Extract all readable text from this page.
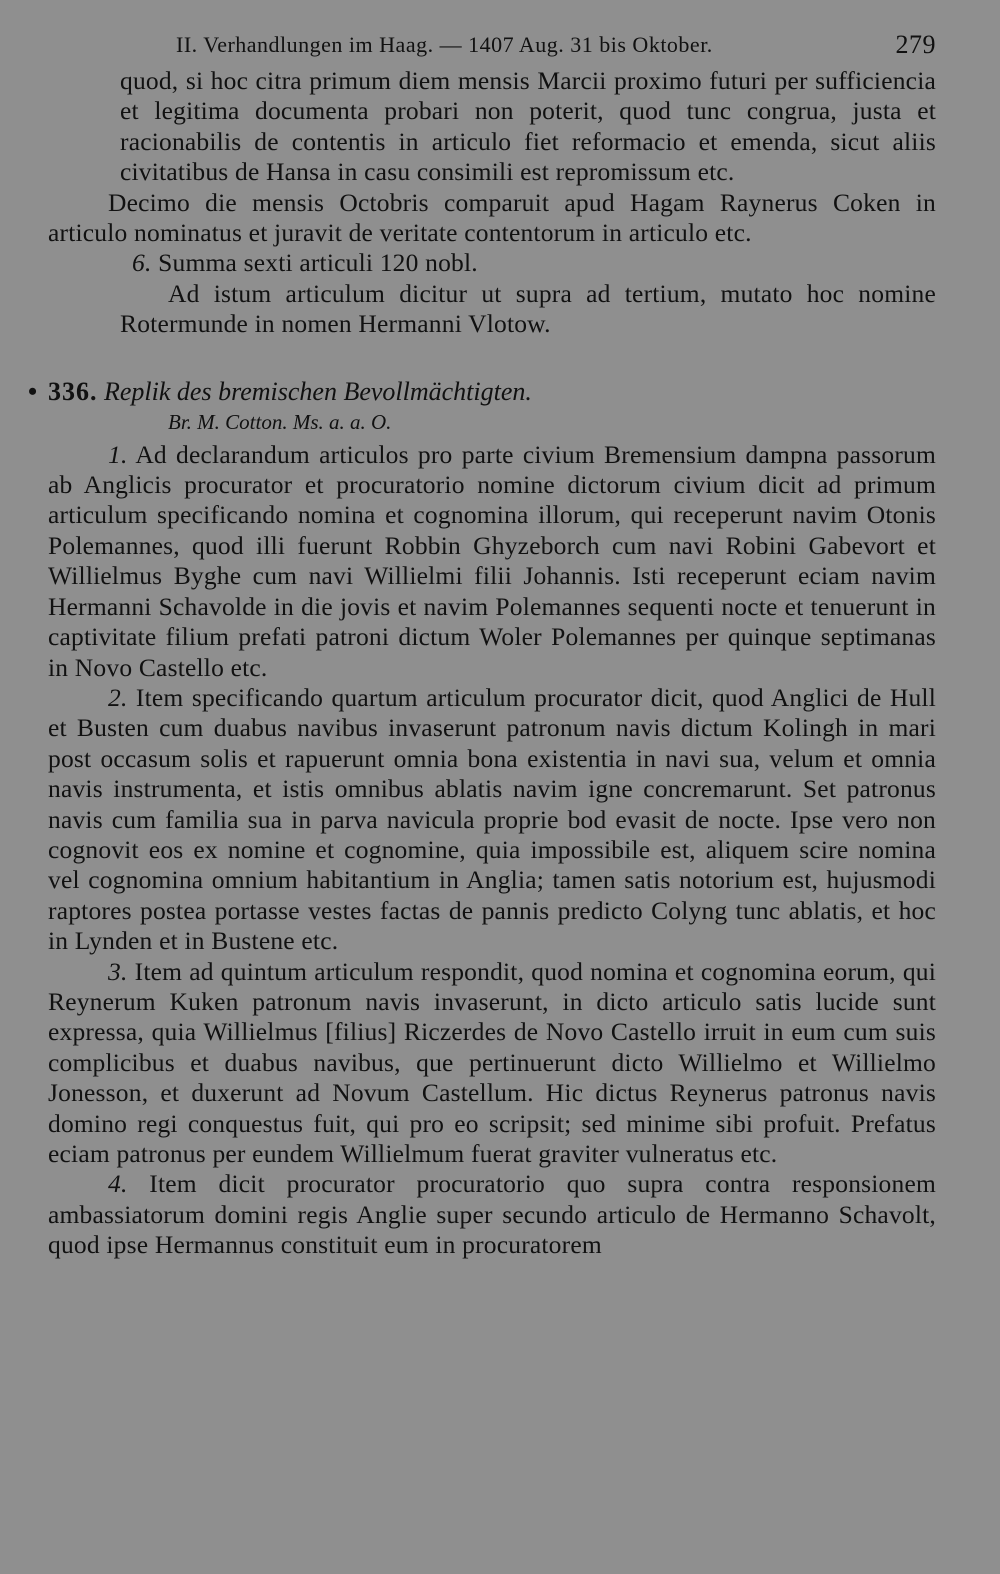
II. Verhandlungen im Haag. — 1407 Aug. 31 bis Oktober.	279

quod, si hoc citra primum diem mensis Marcii proximo futuri per sufficiencia et legitima documenta probari non poterit, quod tunc congrua, justa et racionabilis de contentis in articulo fiet reformacio et emenda, sicut aliis civitatibus de Hansa in casu consimili est repromissum etc.

Decimo die mensis Octobris comparuit apud Hagam Raynerus Coken in articulo nominatus et juravit de veritate contentorum in articulo etc.

6. Summa sexti articuli 120 nobl.

Ad istum articulum dicitur ut supra ad tertium, mutato hoc nomine Rotermunde in nomen Hermanni Vlotow.

• 336. Replik des bremischen Bevollmächtigten.
Br. M. Cotton. Ms. a. a. O.

1. Ad declarandum articulos pro parte civium Bremensium dampna passorum ab Anglicis procurator et procuratorio nomine dictorum civium dicit ad primum articulum specificando nomina et cognomina illorum, qui receperunt navim Otonis Polemannes, quod illi fuerunt Robbin Ghyzeborch cum navi Robini Gabevort et Willielmus Byghe cum navi Willielmi filii Johannis. Isti receperunt eciam navim Hermanni Schavolde in die jovis et navim Polemannes sequenti nocte et tenuerunt in captivitate filium prefati patroni dictum Woler Polemannes per quinque septimanas in Novo Castello etc.

2. Item specificando quartum articulum procurator dicit, quod Anglici de Hull et Busten cum duabus navibus invaserunt patronum navis dictum Kolingh in mari post occasum solis et rapuerunt omnia bona existentia in navi sua, velum et omnia navis instrumenta, et istis omnibus ablatis navim igne concremarunt. Set patronus navis cum familia sua in parva navicula proprie bod evasit de nocte. Ipse vero non cognovit eos ex nomine et cognomine, quia impossibile est, aliquem scire nomina vel cognomina omnium habitantium in Anglia; tamen satis notorium est, hujusmodi raptores postea portasse vestes factas de pannis predicto Colyng tunc ablatis, et hoc in Lynden et in Bustene etc.

3. Item ad quintum articulum respondit, quod nomina et cognomina eorum, qui Reynerum Kuken patronum navis invaserunt, in dicto articulo satis lucide sunt expressa, quia Willielmus [filius] Riczerdes de Novo Castello irruit in eum cum suis complicibus et duabus navibus, que pertinuerunt dicto Willielmo et Willielmo Jonesson, et duxerunt ad Novum Castellum. Hic dictus Reynerus patronus navis domino regi conquestus fuit, qui pro eo scripsit; sed minime sibi profuit. Prefatus eciam patronus per eundem Willielmum fuerat graviter vulneratus etc.

4. Item dicit procurator procuratorio quo supra contra responsionem ambassiatorum domini regis Anglie super secundo articulo de Hermanno Schavolt, quod ipse Hermannus constituit eum in procuratorem
